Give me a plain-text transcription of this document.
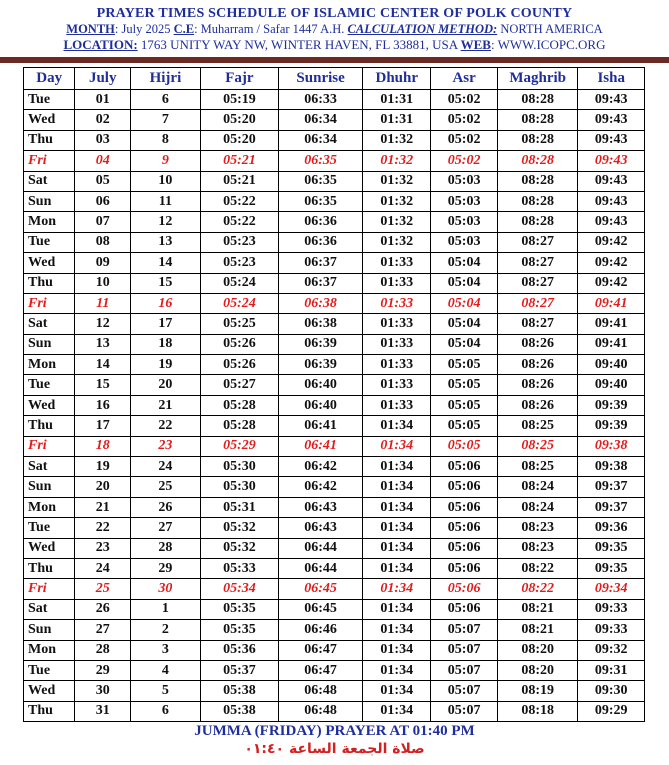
PRAYER TIMES SCHEDULE OF ISLAMIC CENTER OF POLK COUNTY
MONTH: July 2025 C.E: Muharram / Safar 1447 A.H. CALCULATION METHOD: NORTH AMERICA
LOCATION: 1763 UNITY WAY NW, WINTER HAVEN, FL 33881, USA WEB: WWW.ICOPC.ORG
Day	July	Hijri	Fajr	Sunrise	Dhuhr	Asr	Maghrib	Isha
Tue	01	6	05:19	06:33	01:31	05:02	08:28	09:43
Wed	02	7	05:20	06:34	01:31	05:02	08:28	09:43
Thu	03	8	05:20	06:34	01:32	05:02	08:28	09:43
Fri	04	9	05:21	06:35	01:32	05:02	08:28	09:43
Sat	05	10	05:21	06:35	01:32	05:03	08:28	09:43
Sun	06	11	05:22	06:35	01:32	05:03	08:28	09:43
Mon	07	12	05:22	06:36	01:32	05:03	08:28	09:43
Tue	08	13	05:23	06:36	01:32	05:03	08:27	09:42
Wed	09	14	05:23	06:37	01:33	05:04	08:27	09:42
Thu	10	15	05:24	06:37	01:33	05:04	08:27	09:42
Fri	11	16	05:24	06:38	01:33	05:04	08:27	09:41
Sat	12	17	05:25	06:38	01:33	05:04	08:27	09:41
Sun	13	18	05:26	06:39	01:33	05:04	08:26	09:41
Mon	14	19	05:26	06:39	01:33	05:05	08:26	09:40
Tue	15	20	05:27	06:40	01:33	05:05	08:26	09:40
Wed	16	21	05:28	06:40	01:33	05:05	08:26	09:39
Thu	17	22	05:28	06:41	01:34	05:05	08:25	09:39
Fri	18	23	05:29	06:41	01:34	05:05	08:25	09:38
Sat	19	24	05:30	06:42	01:34	05:06	08:25	09:38
Sun	20	25	05:30	06:42	01:34	05:06	08:24	09:37
Mon	21	26	05:31	06:43	01:34	05:06	08:24	09:37
Tue	22	27	05:32	06:43	01:34	05:06	08:23	09:36
Wed	23	28	05:32	06:44	01:34	05:06	08:23	09:35
Thu	24	29	05:33	06:44	01:34	05:06	08:22	09:35
Fri	25	30	05:34	06:45	01:34	05:06	08:22	09:34
Sat	26	1	05:35	06:45	01:34	05:06	08:21	09:33
Sun	27	2	05:35	06:46	01:34	05:07	08:21	09:33
Mon	28	3	05:36	06:47	01:34	05:07	08:20	09:32
Tue	29	4	05:37	06:47	01:34	05:07	08:20	09:31
Wed	30	5	05:38	06:48	01:34	05:07	08:19	09:30
Thu	31	6	05:38	06:48	01:34	05:07	08:18	09:29
JUMMA (FRIDAY) PRAYER AT 01:40 PM
صلاة الجمعة الساعة ٠١:٤٠
